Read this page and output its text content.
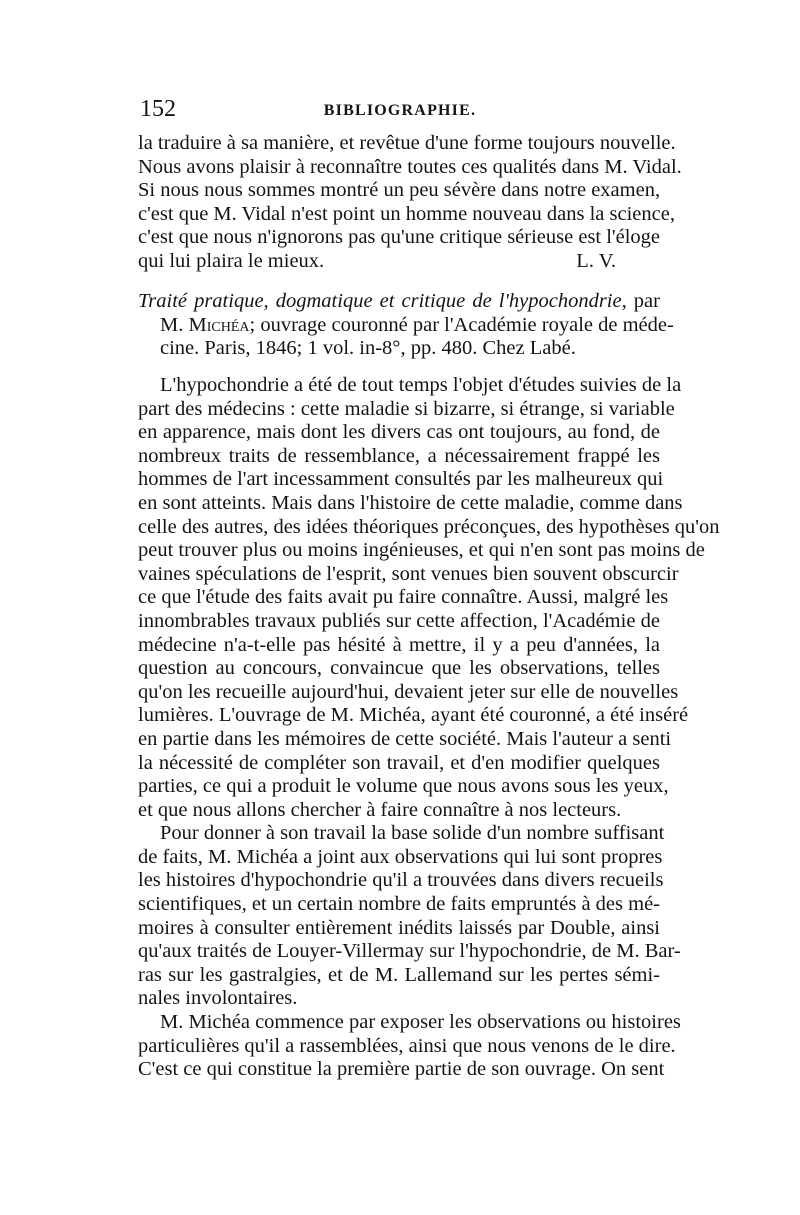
152	BIBLIOGRAPHIE.
la traduire à sa manière, et revêtue d'une forme toujours nouvelle.
Nous avons plaisir à reconnaître toutes ces qualités dans M. Vidal.
Si nous nous sommes montré un peu sévère dans notre examen,
c'est que M. Vidal n'est point un homme nouveau dans la science,
c'est que nous n'ignorons pas qu'une critique sérieuse est l'éloge
qui lui plaira le mieux.	L. V.
Traité pratique, dogmatique et critique de l'hypochondrie, par
M. Michéa; ouvrage couronné par l'Académie royale de méde-
cine. Paris, 1846; 1 vol. in-8°, pp. 480. Chez Labé.
L'hypochondrie a été de tout temps l'objet d'études suivies de la
part des médecins : cette maladie si bizarre, si étrange, si variable
en apparence, mais dont les divers cas ont toujours, au fond, de
nombreux traits de ressemblance, a nécessairement frappé les
hommes de l'art incessamment consultés par les malheureux qui
en sont atteints. Mais dans l'histoire de cette maladie, comme dans
celle des autres, des idées théoriques préconçues, des hypothèses qu'on
peut trouver plus ou moins ingénieuses, et qui n'en sont pas moins de
vaines spéculations de l'esprit, sont venues bien souvent obscurcir
ce que l'étude des faits avait pu faire connaître. Aussi, malgré les
innombrables travaux publiés sur cette affection, l'Académie de
médecine n'a-t-elle pas hésité à mettre, il y a peu d'années, la
question au concours, convaincue que les observations, telles
qu'on les recueille aujourd'hui, devaient jeter sur elle de nouvelles
lumières. L'ouvrage de M. Michéa, ayant été couronné, a été inséré
en partie dans les mémoires de cette société. Mais l'auteur a senti
la nécessité de compléter son travail, et d'en modifier quelques
parties, ce qui a produit le volume que nous avons sous les yeux,
et que nous allons chercher à faire connaître à nos lecteurs.
Pour donner à son travail la base solide d'un nombre suffisant
de faits, M. Michéa a joint aux observations qui lui sont propres
les histoires d'hypochondrie qu'il a trouvées dans divers recueils
scientifiques, et un certain nombre de faits empruntés à des mé-
moires à consulter entièrement inédits laissés par Double, ainsi
qu'aux traités de Louyer-Villermay sur l'hypochondrie, de M. Bar-
ras sur les gastralgies, et de M. Lallemand sur les pertes sémi-
nales involontaires.
M. Michéa commence par exposer les observations ou histoires
particulières qu'il a rassemblées, ainsi que nous venons de le dire.
C'est ce qui constitue la première partie de son ouvrage. On sent
